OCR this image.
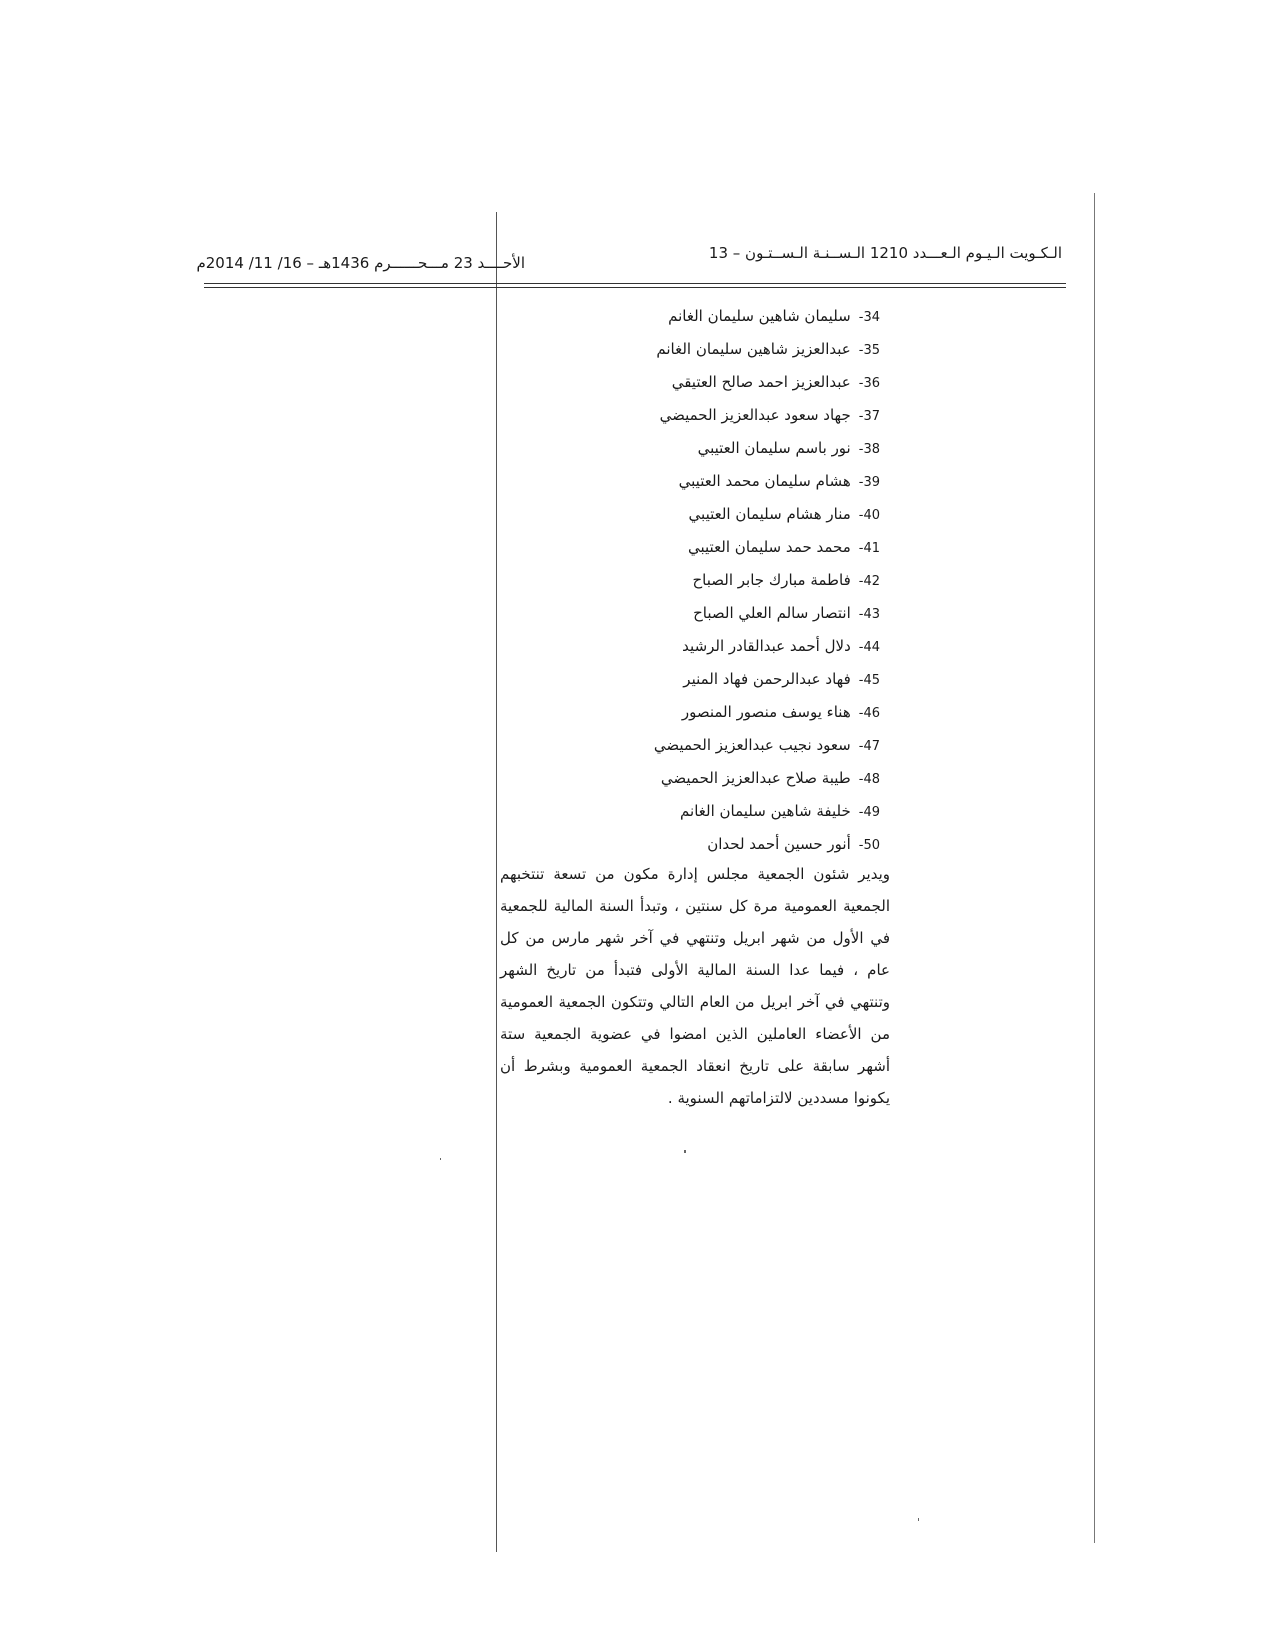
الأحــــد 23 مـــحــــــرم 1436هـ – 16/ 11/ 2014م
الـكـويت الـيـوم الـعـــدد 1210 الـســنـة الـســتـون – 13
34-سليمان شاهين سليمان الغانم
35-عبدالعزيز شاهين سليمان الغانم
36-عبدالعزيز احمد صالح العتيقي
37-جهاد سعود عبدالعزيز الحميضي
38-نور باسم سليمان العتيبي
39-هشام سليمان محمد العتيبي
40-منار هشام سليمان العتيبي
41-محمد حمد سليمان العتيبي
42-فاطمة مبارك جابر الصباح
43-انتصار سالم العلي الصباح
44-دلال أحمد عبدالقادر الرشيد
45-فهاد عبدالرحمن فهاد المنير
46-هناء يوسف منصور المنصور
47-سعود نجيب عبدالعزيز الحميضي
48-طيبة صلاح عبدالعزيز الحميضي
49-خليفة شاهين سليمان الغانم
50-أنور حسين أحمد لحدان
ويدير شئون الجمعية مجلس إدارة مكون من تسعة تنتخبهم الجمعية العمومية مرة كل سنتين ، وتبدأ السنة المالية للجمعية في الأول من شهر ابريل وتنتهي في آخر شهر مارس من كل عام ، فيما عدا السنة المالية الأولى فتبدأ من تاريخ الشهر وتنتهي في آخر ابريل من العام التالي وتتكون الجمعية العمومية من الأعضاء العاملين الذين امضوا في عضوية الجمعية ستة أشهر سابقة على تاريخ انعقاد الجمعية العمومية وبشرط أن يكونوا مسددين لالتزاماتهم السنوية .
